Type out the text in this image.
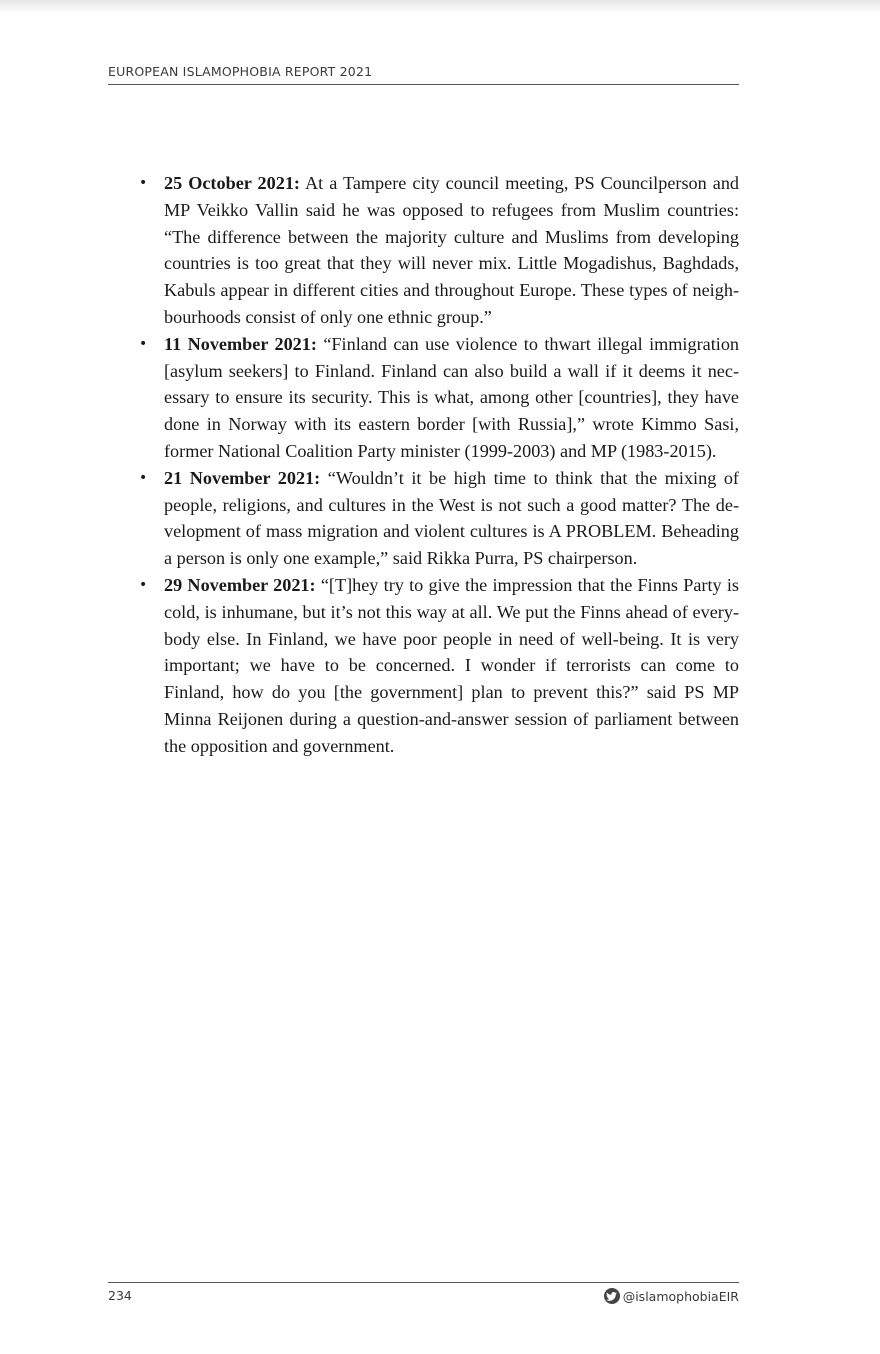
EUROPEAN ISLAMOPHOBIA REPORT 2021
• 25 October 2021: At a Tampere city council meeting, PS Councilperson and MP Veikko Vallin said he was opposed to refugees from Muslim countries: “The difference between the majority culture and Muslims from developing countries is too great that they will never mix. Little Mogadishus, Baghdads, Kabuls appear in different cities and throughout Europe. These types of neighbourhoods consist of only one ethnic group.”
• 11 November 2021: “Finland can use violence to thwart illegal immigration [asylum seekers] to Finland. Finland can also build a wall if it deems it necessary to ensure its security. This is what, among other [countries], they have done in Norway with its eastern border [with Russia],” wrote Kimmo Sasi, former National Coalition Party minister (1999-2003) and MP (1983-2015).
• 21 November 2021: “Wouldn’t it be high time to think that the mixing of people, religions, and cultures in the West is not such a good matter? The development of mass migration and violent cultures is A PROBLEM. Beheading a person is only one example,” said Rikka Purra, PS chairperson.
• 29 November 2021: “[T]hey try to give the impression that the Finns Party is cold, is inhumane, but it’s not this way at all. We put the Finns ahead of everybody else. In Finland, we have poor people in need of well-being. It is very important; we have to be concerned. I wonder if terrorists can come to Finland, how do you [the government] plan to prevent this?” said PS MP Minna Reijonen during a question-and-answer session of parliament between the opposition and government.
234	@islamophobiaEIR
